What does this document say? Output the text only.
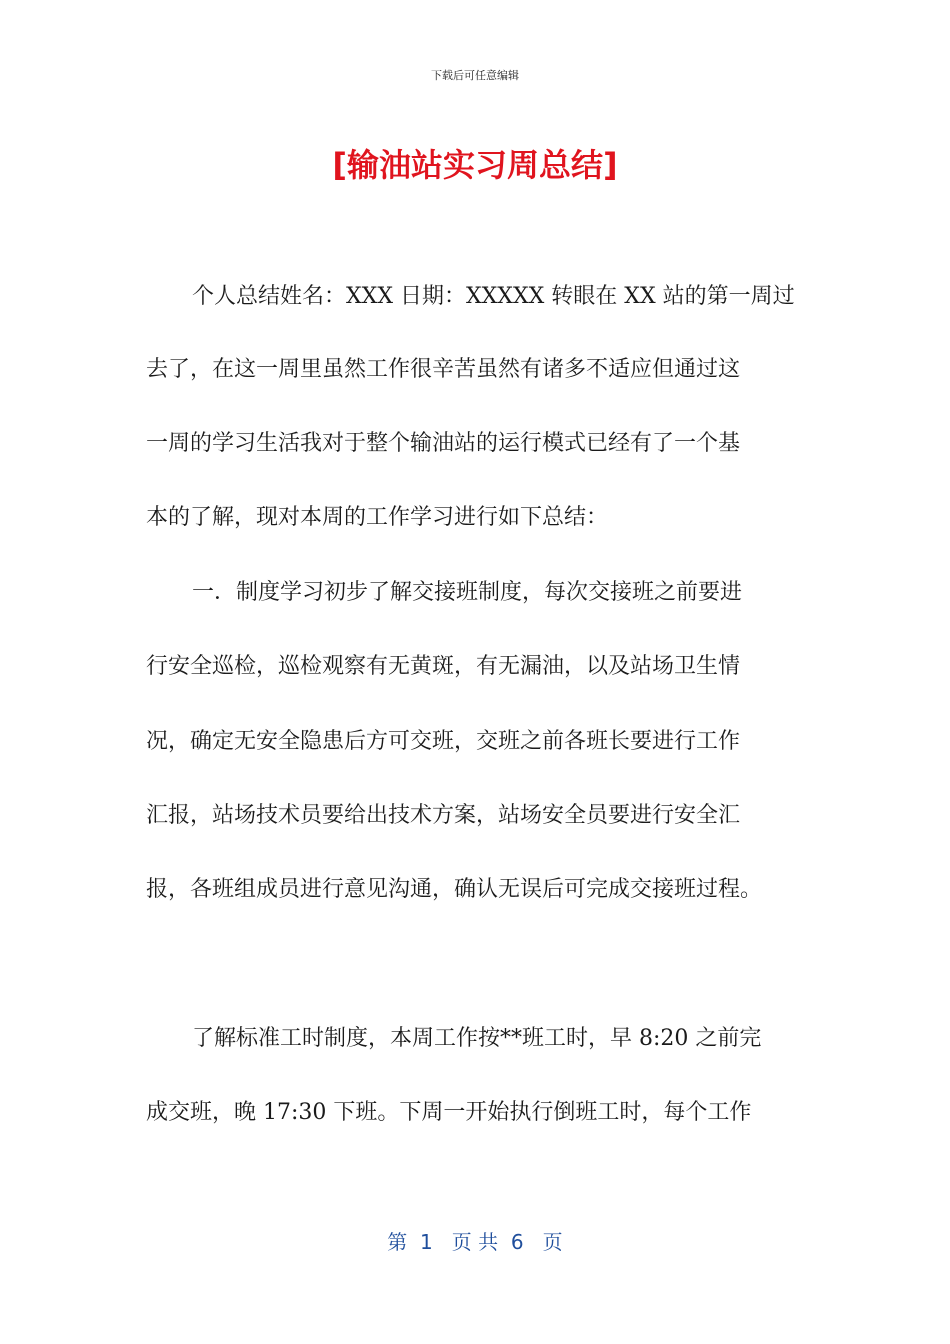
下载后可任意编辑
[输油站实习周总结]
个人总结姓名：XXX 日期：XXXXX 转眼在 XX 站的第一周过
去了，在这一周里虽然工作很辛苦虽然有诸多不适应但通过这
一周的学习生活我对于整个输油站的运行模式已经有了一个基
本的了解，现对本周的工作学习进行如下总结：
一．制度学习初步了解交接班制度，每次交接班之前要进
行安全巡检，巡检观察有无黄斑，有无漏油，以及站场卫生情
况，确定无安全隐患后方可交班，交班之前各班长要进行工作
汇报，站场技术员要给出技术方案，站场安全员要进行安全汇
报，各班组成员进行意见沟通，确认无误后可完成交接班过程。
了解标准工时制度，本周工作按**班工时，早 8:20 之前完
成交班，晚 17:30 下班。下周一开始执行倒班工时，每个工作
第  1   页 共  6   页
